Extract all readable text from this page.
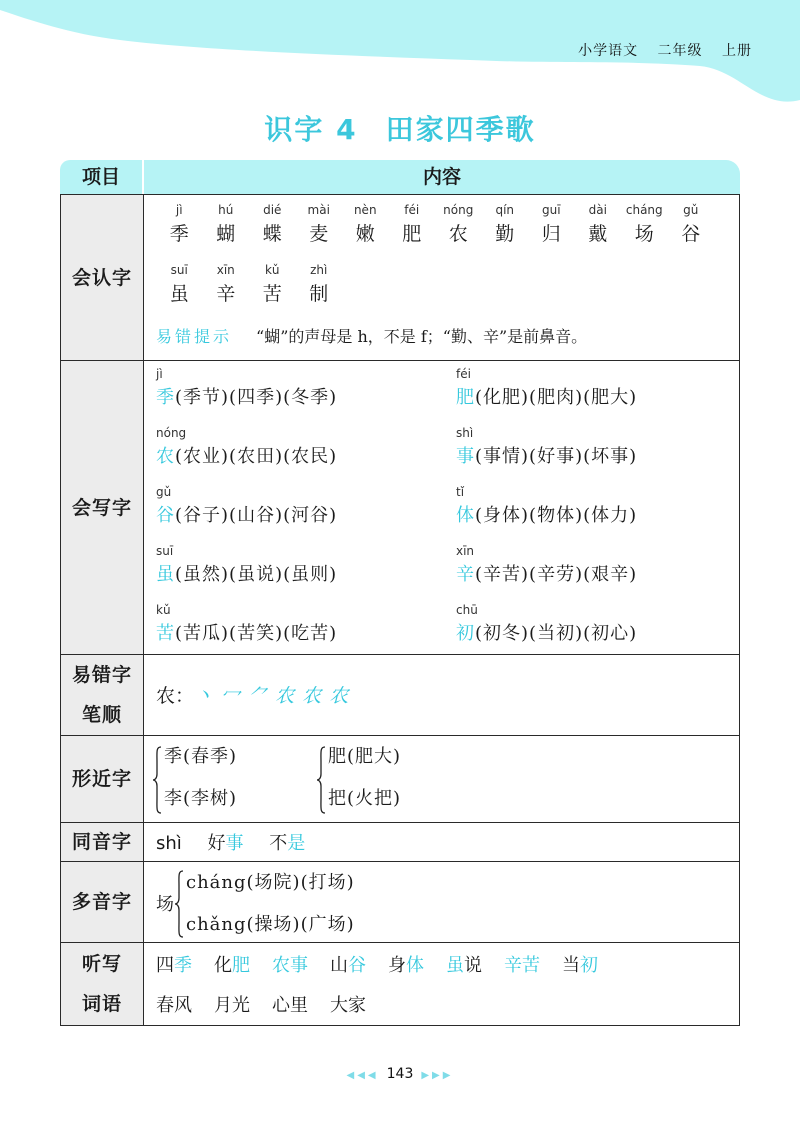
小学语文 二年级 上册
识字 4 田家四季歌
项目	内容
会认字
jì
季
hú
蝴
dié
蝶
mài
麦
nèn
嫩
féi
肥
nóng
农
qín
勤
guī
归
dài
戴
cháng
场
gǔ
谷
suī
虽
xīn
辛
kǔ
苦
zhì
制
易错提示 “蝴”的声母是 h，不是 f；“勤、辛”是前鼻音。
会写字
jì
季(季节)(四季)(冬季)
féi
肥(化肥)(肥肉)(肥大)
nóng
农(农业)(农田)(农民)
shì
事(事情)(好事)(坏事)
gǔ
谷(谷子)(山谷)(河谷)
tǐ
体(身体)(物体)(体力)
suī
虽(虽然)(虽说)(虽则)
xīn
辛(辛苦)(辛劳)(艰辛)
kǔ
苦(苦瓜)(苦笑)(吃苦)
chū
初(初冬)(当初)(初心)
易错字
笔顺
农：丶 冖 ⺈ 农 农 农
形近字
季(春季)
李(李树)
肥(肥大)
把(火把)
同音字 shì 好事 不是
多音字 场
cháng(场院)(打场)
chǎng(操场)(广场)
听写
词语
四季 化肥 农事 山谷 身体 虽说 辛苦 当初
春风 月光 心里 大家
◀◀◀ 143 ▶▶▶
